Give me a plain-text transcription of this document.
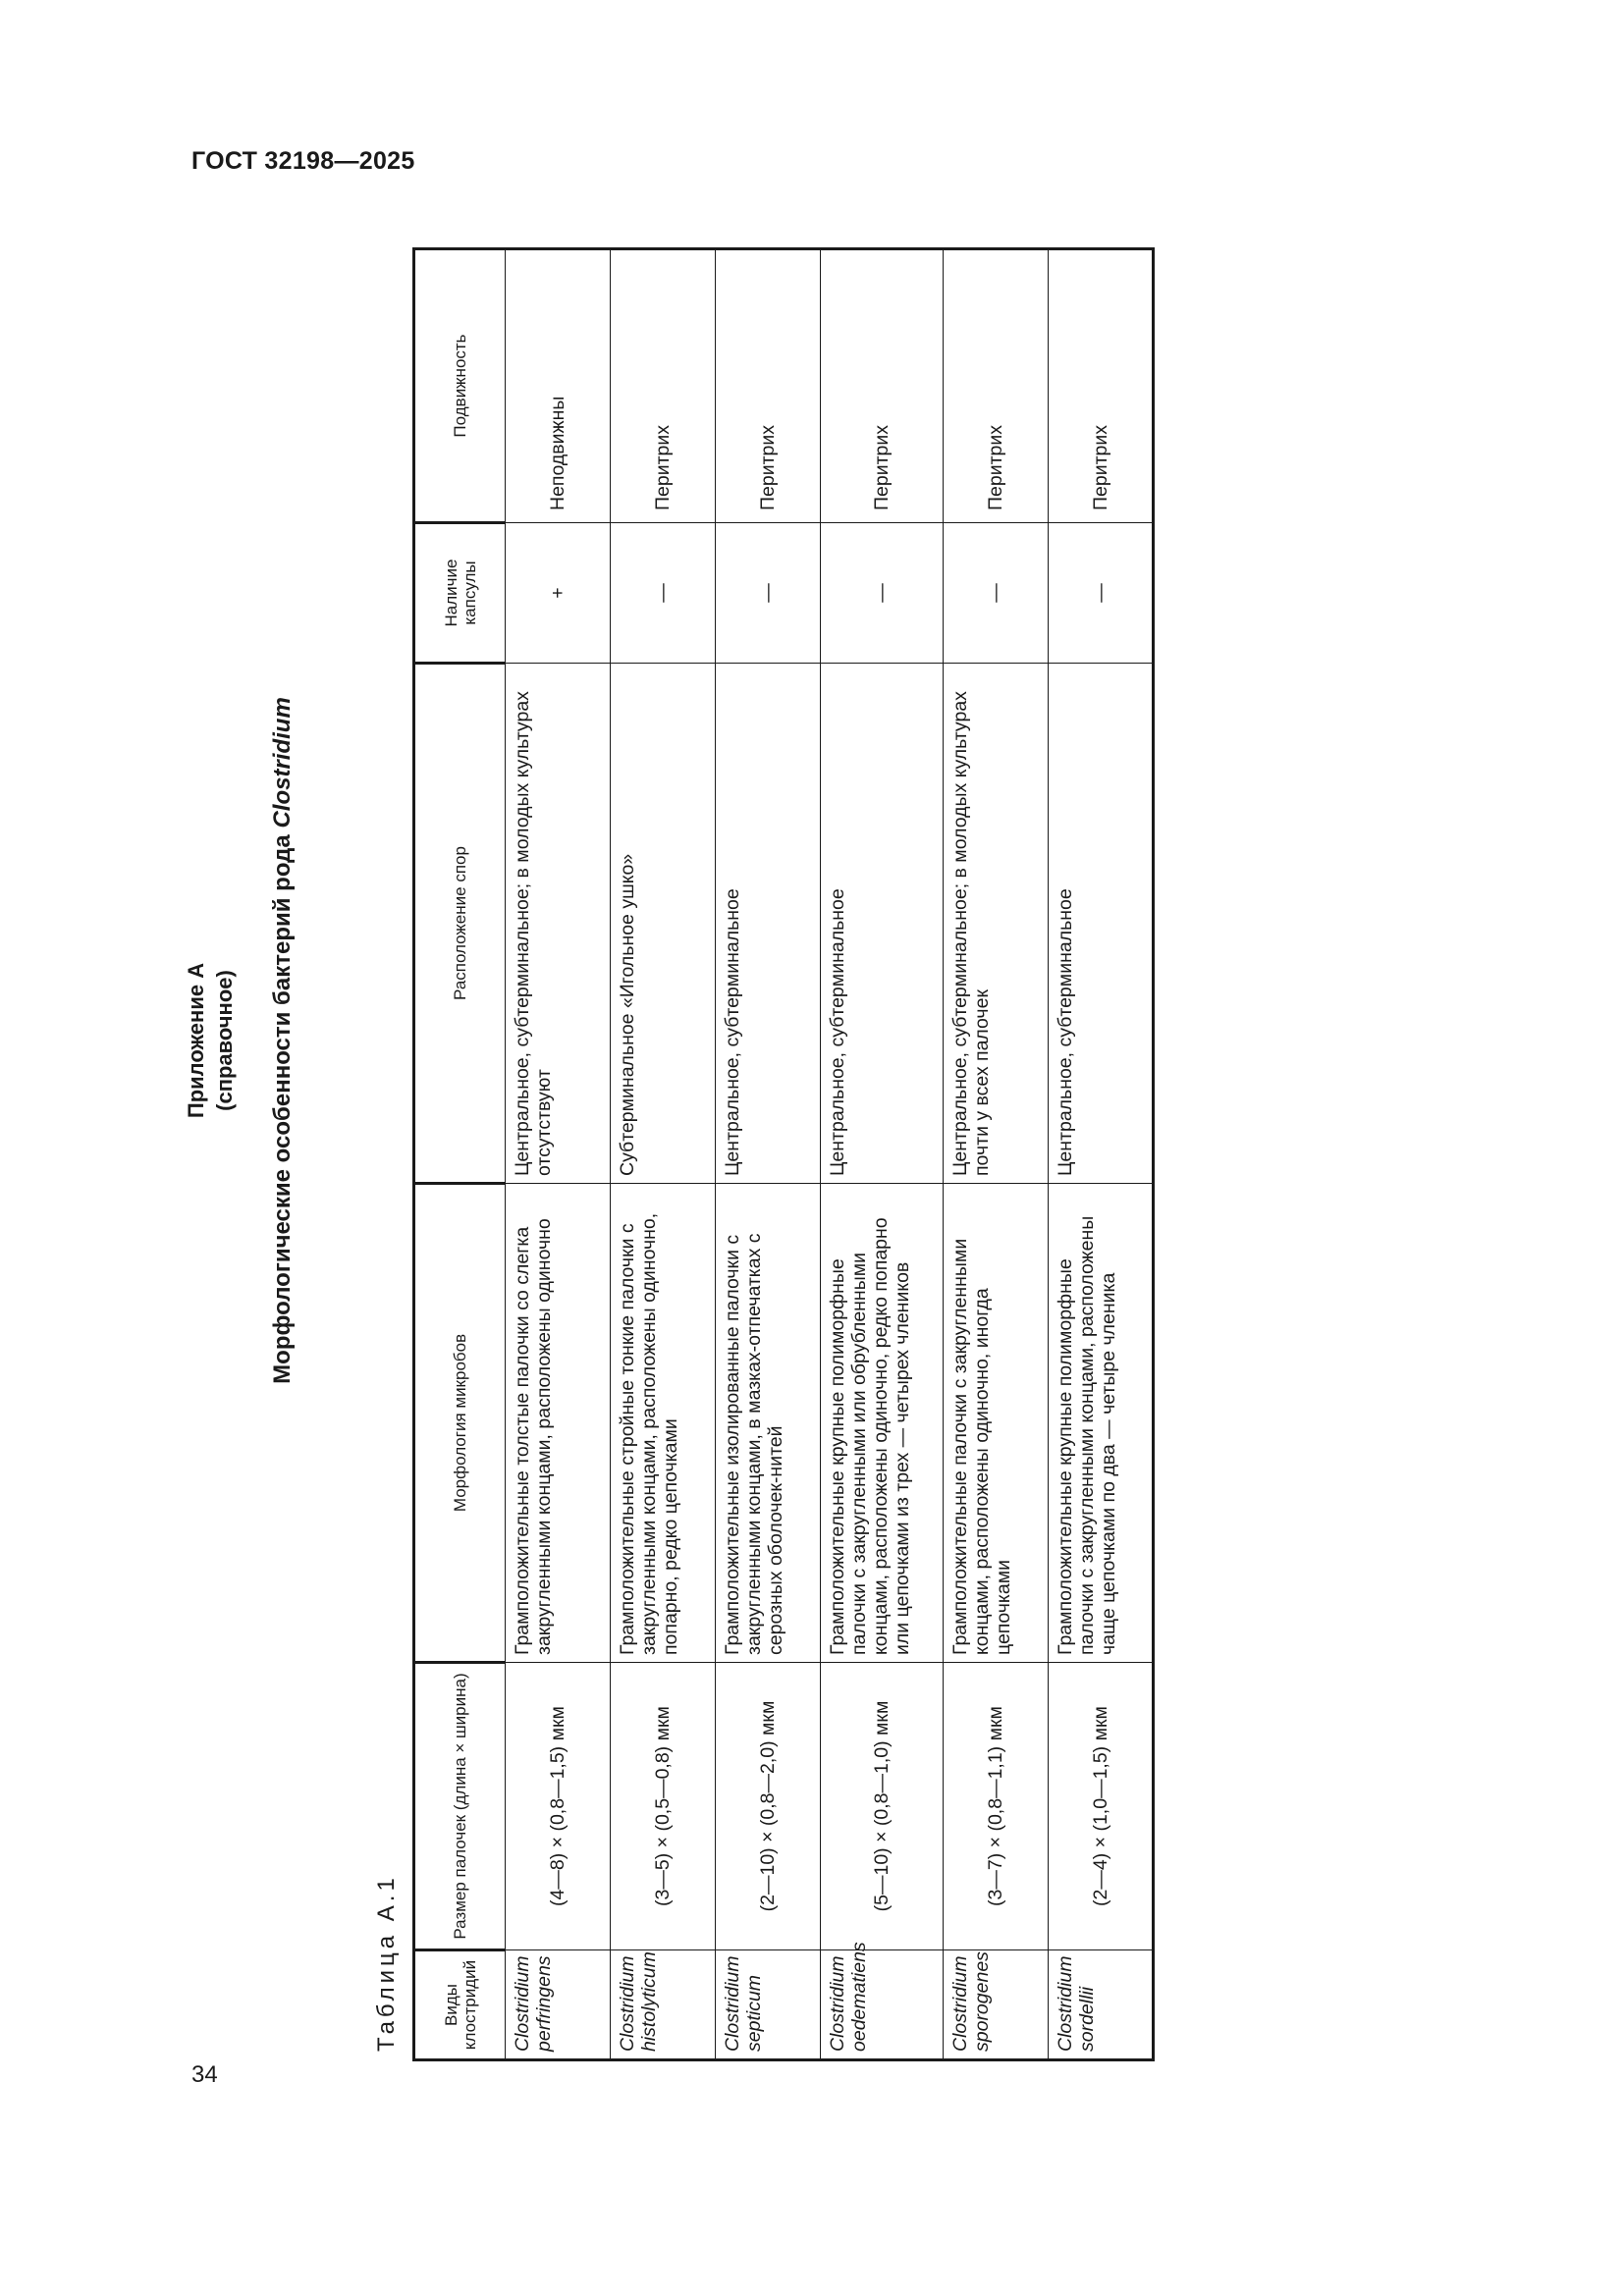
ГОСТ 32198—2025
34
Приложение А (справочное) Морфологические особенности бактерий рода Clostridium
Таблица А.1	Виды клостридий	Размер палочек (длина × ширина)	Морфология микробов	Расположение спор	Наличие капсулы	Подвижность
Clostridium perfringens	(4—8) × (0,8—1,5) мкм	Грамположительные толстые палочки со слегка закругленными концами, расположены одиночно	Центральное, субтерминальное; в молодых культурах отсутствуют	+	Неподвижны
Clostridium histolyticum	(3—5) × (0,5—0,8) мкм	Грамположительные стройные тонкие палочки с закругленными концами, расположены одиночно, попарно, редко цепочками	Субтерминальное «Игольное ушко»	—	Перитрих
Clostridium septicum	(2—10) × (0,8—2,0) мкм	Грамположительные изолированные палочки с закругленными концами, в мазках-отпечатках с серозных оболочек-нитей	Центральное, субтерминальное	—	Перитрих
Clostridium oedematiens	(5—10) × (0,8—1,0) мкм	Грамположительные крупные полиморфные палочки с закругленными или обрубленными концами, расположены одиночно, редко попарно или цепочками из трех — четырех члеников	Центральное, субтерминальное	—	Перитрих
Clostridium sporogenes	(3—7) × (0,8—1,1) мкм	Грамположительные палочки с закругленными концами, расположены одиночно, иногда цепочками	Центральное, субтерминальное; в молодых культурах почти у всех палочек	—	Перитрих
Clostridium sordellii	(2—4) × (1,0—1,5) мкм	Грамположительные крупные полиморфные палочки с закругленными концами, расположены чаще цепочками по два — четыре членика	Центральное, субтерминальное	—	Перитрих
